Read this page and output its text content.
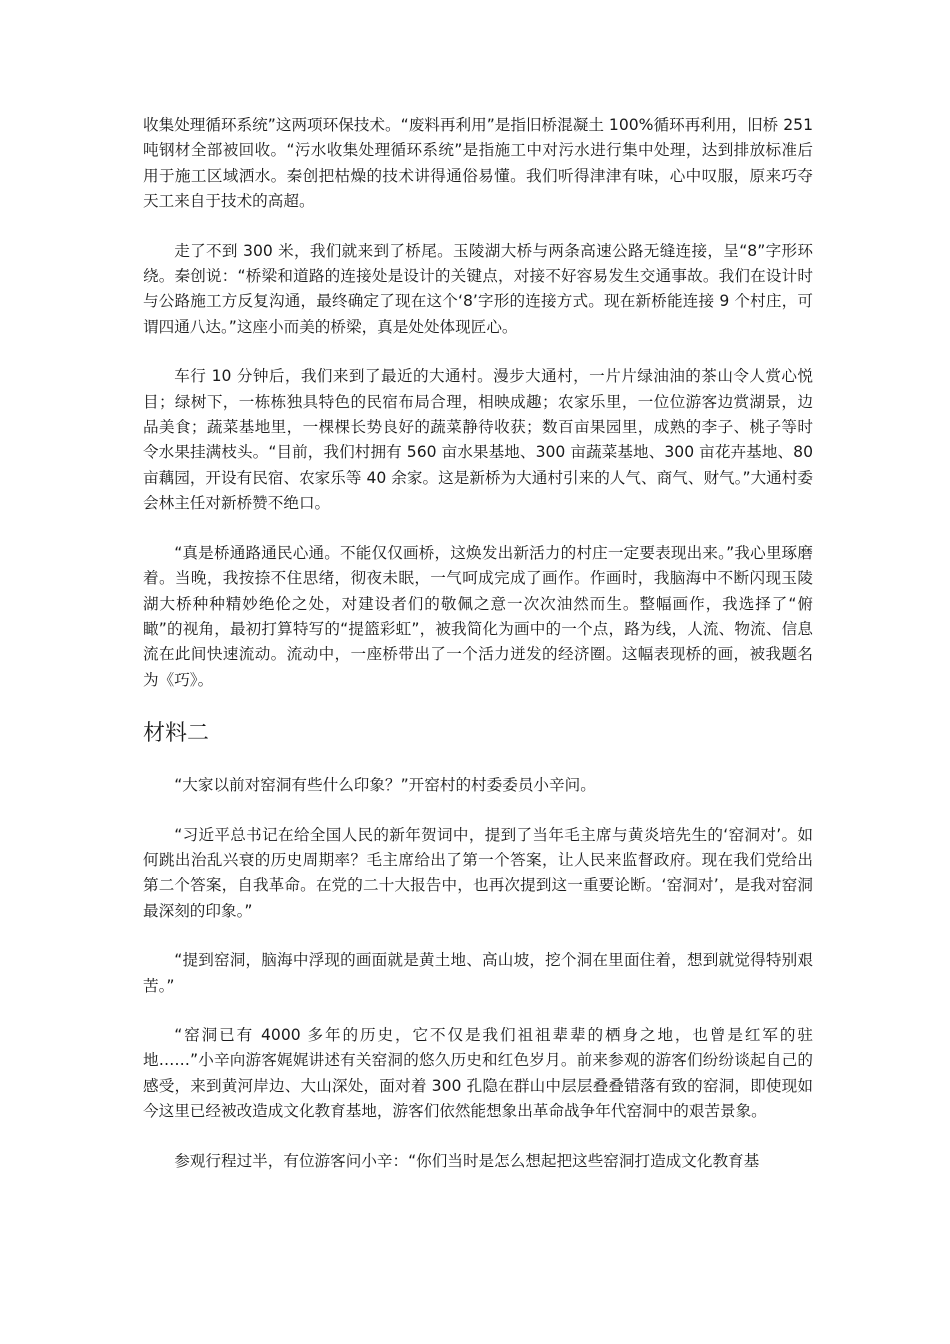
收集处理循环系统”这两项环保技术。“废料再利用”是指旧桥混凝土 100%循环再利用，旧桥 251 吨钢材全部被回收。“污水收集处理循环系统”是指施工中对污水进行集中处理，达到排放标准后用于施工区域洒水。秦创把枯燥的技术讲得通俗易懂。我们听得津津有味，心中叹服，原来巧夺天工来自于技术的高超。

走了不到 300 米，我们就来到了桥尾。玉陵湖大桥与两条高速公路无缝连接，呈“8”字形环绕。秦创说：“桥梁和道路的连接处是设计的关键点，对接不好容易发生交通事故。我们在设计时与公路施工方反复沟通，最终确定了现在这个‘8’字形的连接方式。现在新桥能连接 9 个村庄，可谓四通八达。”这座小而美的桥梁，真是处处体现匠心。

车行 10 分钟后，我们来到了最近的大通村。漫步大通村，一片片绿油油的茶山令人赏心悦目；绿树下，一栋栋独具特色的民宿布局合理，相映成趣；农家乐里，一位位游客边赏湖景，边品美食；蔬菜基地里，一棵棵长势良好的蔬菜静待收获；数百亩果园里，成熟的李子、桃子等时令水果挂满枝头。“目前，我们村拥有 560 亩水果基地、300 亩蔬菜基地、300 亩花卉基地、80 亩藕园，开设有民宿、农家乐等 40 余家。这是新桥为大通村引来的人气、商气、财气。”大通村委会林主任对新桥赞不绝口。

“真是桥通路通民心通。不能仅仅画桥，这焕发出新活力的村庄一定要表现出来。”我心里琢磨着。当晚，我按捺不住思绪，彻夜未眠，一气呵成完成了画作。作画时，我脑海中不断闪现玉陵湖大桥种种精妙绝伦之处，对建设者们的敬佩之意一次次油然而生。整幅画作，我选择了“俯瞰”的视角，最初打算特写的“提篮彩虹”，被我简化为画中的一个点，路为线，人流、物流、信息流在此间快速流动。流动中，一座桥带出了一个活力迸发的经济圈。这幅表现桥的画，被我题名为《巧》。

材料二

“大家以前对窑洞有些什么印象？”开窑村的村委委员小辛问。

“习近平总书记在给全国人民的新年贺词中，提到了当年毛主席与黄炎培先生的‘窑洞对’。如何跳出治乱兴衰的历史周期率？毛主席给出了第一个答案，让人民来监督政府。现在我们党给出第二个答案，自我革命。在党的二十大报告中，也再次提到这一重要论断。‘窑洞对’，是我对窑洞最深刻的印象。”

“提到窑洞，脑海中浮现的画面就是黄土地、高山坡，挖个洞在里面住着，想到就觉得特别艰苦。”

“窑洞已有 4000 多年的历史，它不仅是我们祖祖辈辈的栖身之地，也曾是红军的驻地……”小辛向游客娓娓讲述有关窑洞的悠久历史和红色岁月。前来参观的游客们纷纷谈起自己的感受，来到黄河岸边、大山深处，面对着 300 孔隐在群山中层层叠叠错落有致的窑洞，即使现如今这里已经被改造成文化教育基地，游客们依然能想象出革命战争年代窑洞中的艰苦景象。

参观行程过半，有位游客问小辛：“你们当时是怎么想起把这些窑洞打造成文化教育基
